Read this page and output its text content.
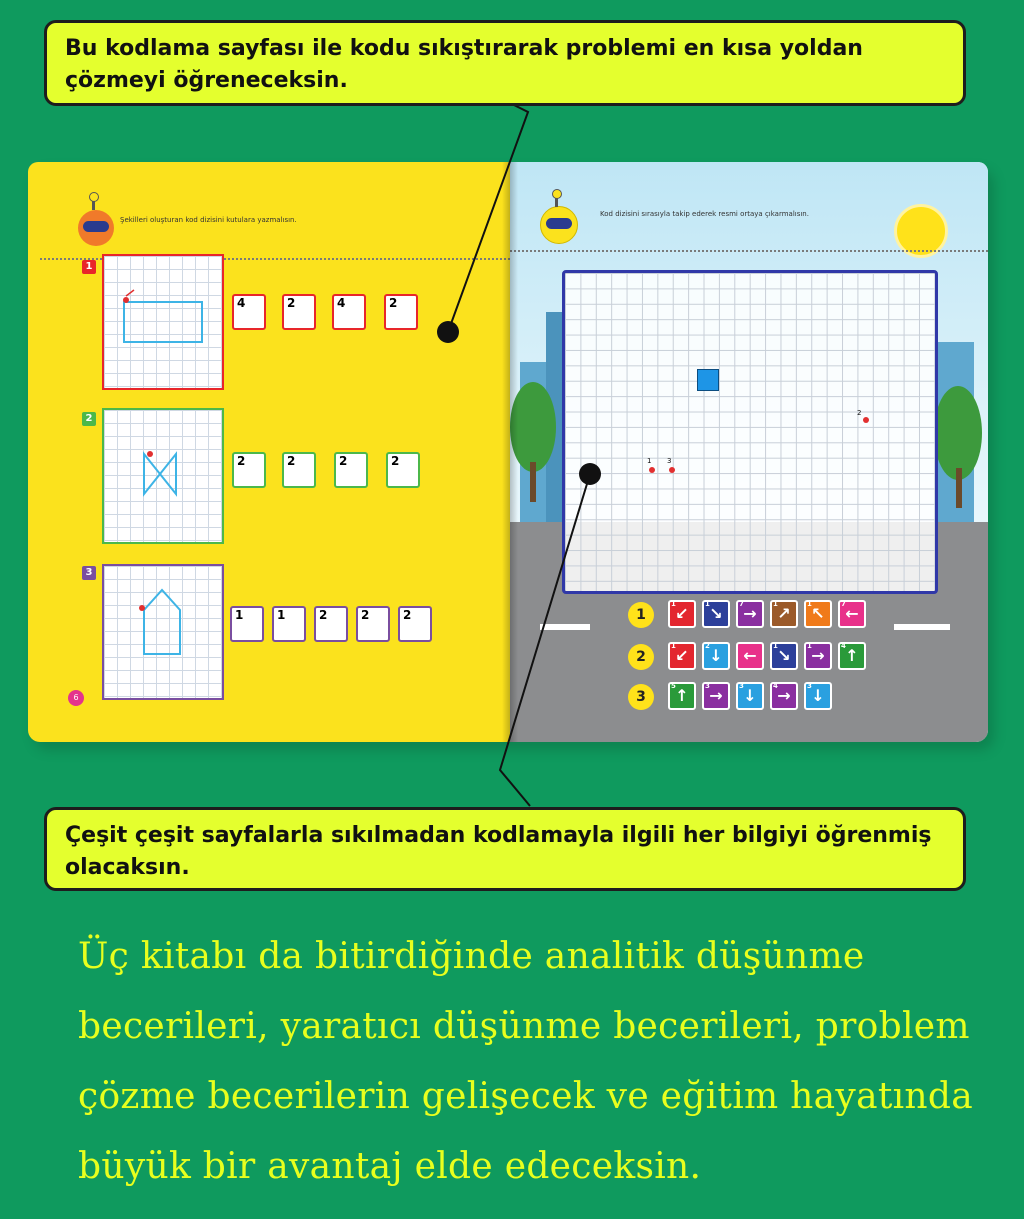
Şekilleri oluşturan kod dizisini kutulara yazmalısın.
1
4	2	4	2
2
2	2	2	2
3
1	1	2	2	2
6
Kod dizisini sırasıyla takip ederek resmi ortaya çıkarmalısın.
1 3
2
1
1 ↙	1 ↘	7 →	1 ↗	1 ↖	7 ←
2
1 ↙	2 ↓	←	1 ↘	1 →	4 ↑
3
5 ↑	3 →	3 ↓	4 →	3 ↓
Bu kodlama sayfası ile kodu sıkıştırarak problemi en kısa yoldan
çözmeyi öğreneceksin.
Çeşit çeşit sayfalarla sıkılmadan kodlamayla ilgili her bilgiyi öğrenmiş
olacaksın.
Üç kitabı da bitirdiğinde analitik düşünme
becerileri, yaratıcı düşünme becerileri, problem
çözme becerilerin gelişecek ve eğitim hayatında
büyük bir avantaj elde edeceksin.
